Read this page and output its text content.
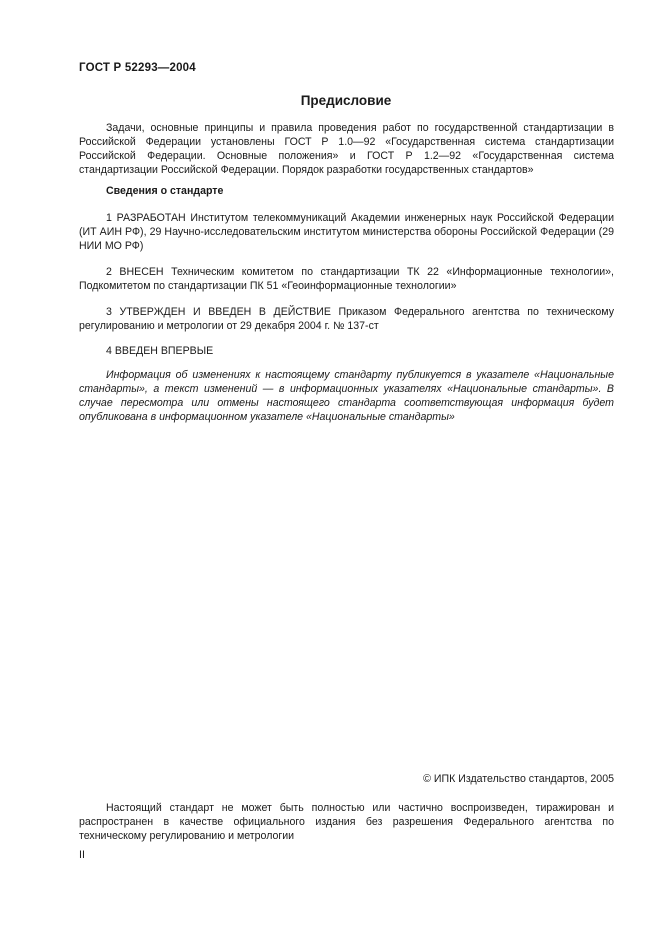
ГОСТ Р 52293—2004
Предисловие
Задачи, основные принципы и правила проведения работ по государственной стандартизации в Российской Федерации установлены ГОСТ Р 1.0—92 «Государственная система стандартизации Российской Федерации. Основные положения» и ГОСТ Р 1.2—92 «Государственная система стандартизации Российской Федерации. Порядок разработки государственных стандартов»
Сведения о стандарте
1 РАЗРАБОТАН Институтом телекоммуникаций Академии инженерных наук Российской Федерации (ИТ АИН РФ), 29 Научно-исследовательским институтом министерства обороны Российской Федерации (29 НИИ МО РФ)
2 ВНЕСЕН Техническим комитетом по стандартизации ТК 22 «Информационные технологии», Подкомитетом по стандартизации ПК 51 «Геоинформационные технологии»
3 УТВЕРЖДЕН И ВВЕДЕН В ДЕЙСТВИЕ Приказом Федерального агентства по техническому регулированию и метрологии от 29 декабря 2004 г. № 137-ст
4 ВВЕДЕН ВПЕРВЫЕ
Информация об изменениях к настоящему стандарту публикуется в указателе «Национальные стандарты», а текст изменений — в информационных указателях «Национальные стандарты». В случае пересмотра или отмены настоящего стандарта соответствующая информация будет опубликована в информационном указателе «Национальные стандарты»
© ИПК Издательство стандартов, 2005
Настоящий стандарт не может быть полностью или частично воспроизведен, тиражирован и распространен в качестве официального издания без разрешения Федерального агентства по техническому регулированию и метрологии
II
